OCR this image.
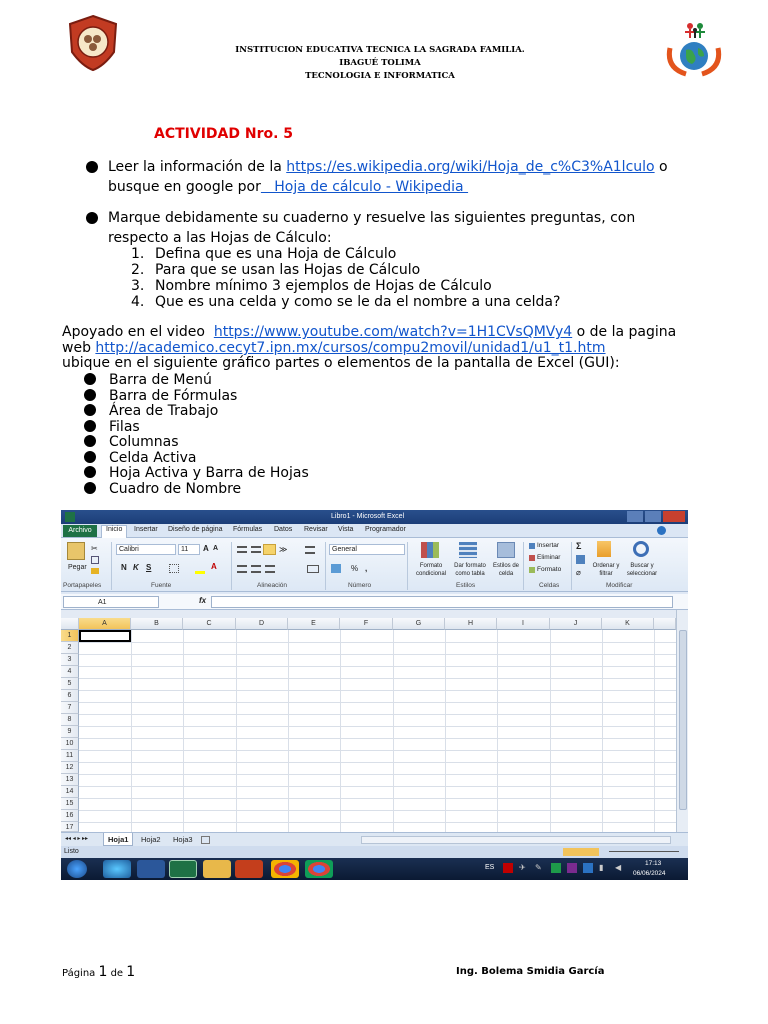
INSTITUCION EDUCATIVA TECNICA LA SAGRADA FAMILIA.
IBAGUÉ TOLIMA
TECNOLOGIA E INFORMATICA
ACTIVIDAD Nro. 5
Leer la información de la https://es.wikipedia.org/wiki/Hoja_de_c%C3%A1lculo o
busque en google por   Hoja de cálculo - Wikipedia
Marque debidamente su cuaderno y resuelve las siguientes preguntas, con
respecto a las Hojas de Cálculo:
1. Defina que es una Hoja de Cálculo
2. Para que se usan las Hojas de Cálculo
3. Nombre mínimo 3 ejemplos de Hojas de Cálculo
4. Que es una celda y como se le da el nombre a una celda?
Apoyado en el video  https://www.youtube.com/watch?v=1H1CVsQMVy4 o de la pagina
web http://academico.cecyt7.ipn.mx/cursos/compu2movil/unidad1/u1_t1.htm
ubique en el siguiente gráfico partes o elementos de la pantalla de Excel (GUI):
Barra de Menú
Barra de Fórmulas
Área de Trabajo
Filas
Columnas
Celda Activa
Hoja Activa y Barra de Hojas
Cuadro de Nombre
Libro1 - Microsoft Excel
Archivo	Inicio	Insertar Diseño de página Fórmulas Datos Revisar Vista Programador
Pegar
✂
Portapapeles
Calibri	11	A A
N K S	A
Fuente
≫
Alineación
General
% ,
Número
Formato condicional
Dar formato como tabla
Estilos de celda
Estilos
Insertar
Eliminar
Formato
Celdas
Σ
⌀
Ordenar y filtrar
Buscar y seleccionar
Modificar
A1	fx
A	B	C	D	E	F	G	H	I	J	K
1
2
3
4
5
6
7
8
9
10
11
12
13
14
15
16
17
◂◂ ◂ ▸ ▸▸	Hoja1	Hoja2	Hoja3
Listo
ES	✈ ✎	▮ ◀	17:13
06/06/2024
Página 1 de 1	Ing. Bolema Smidia García
